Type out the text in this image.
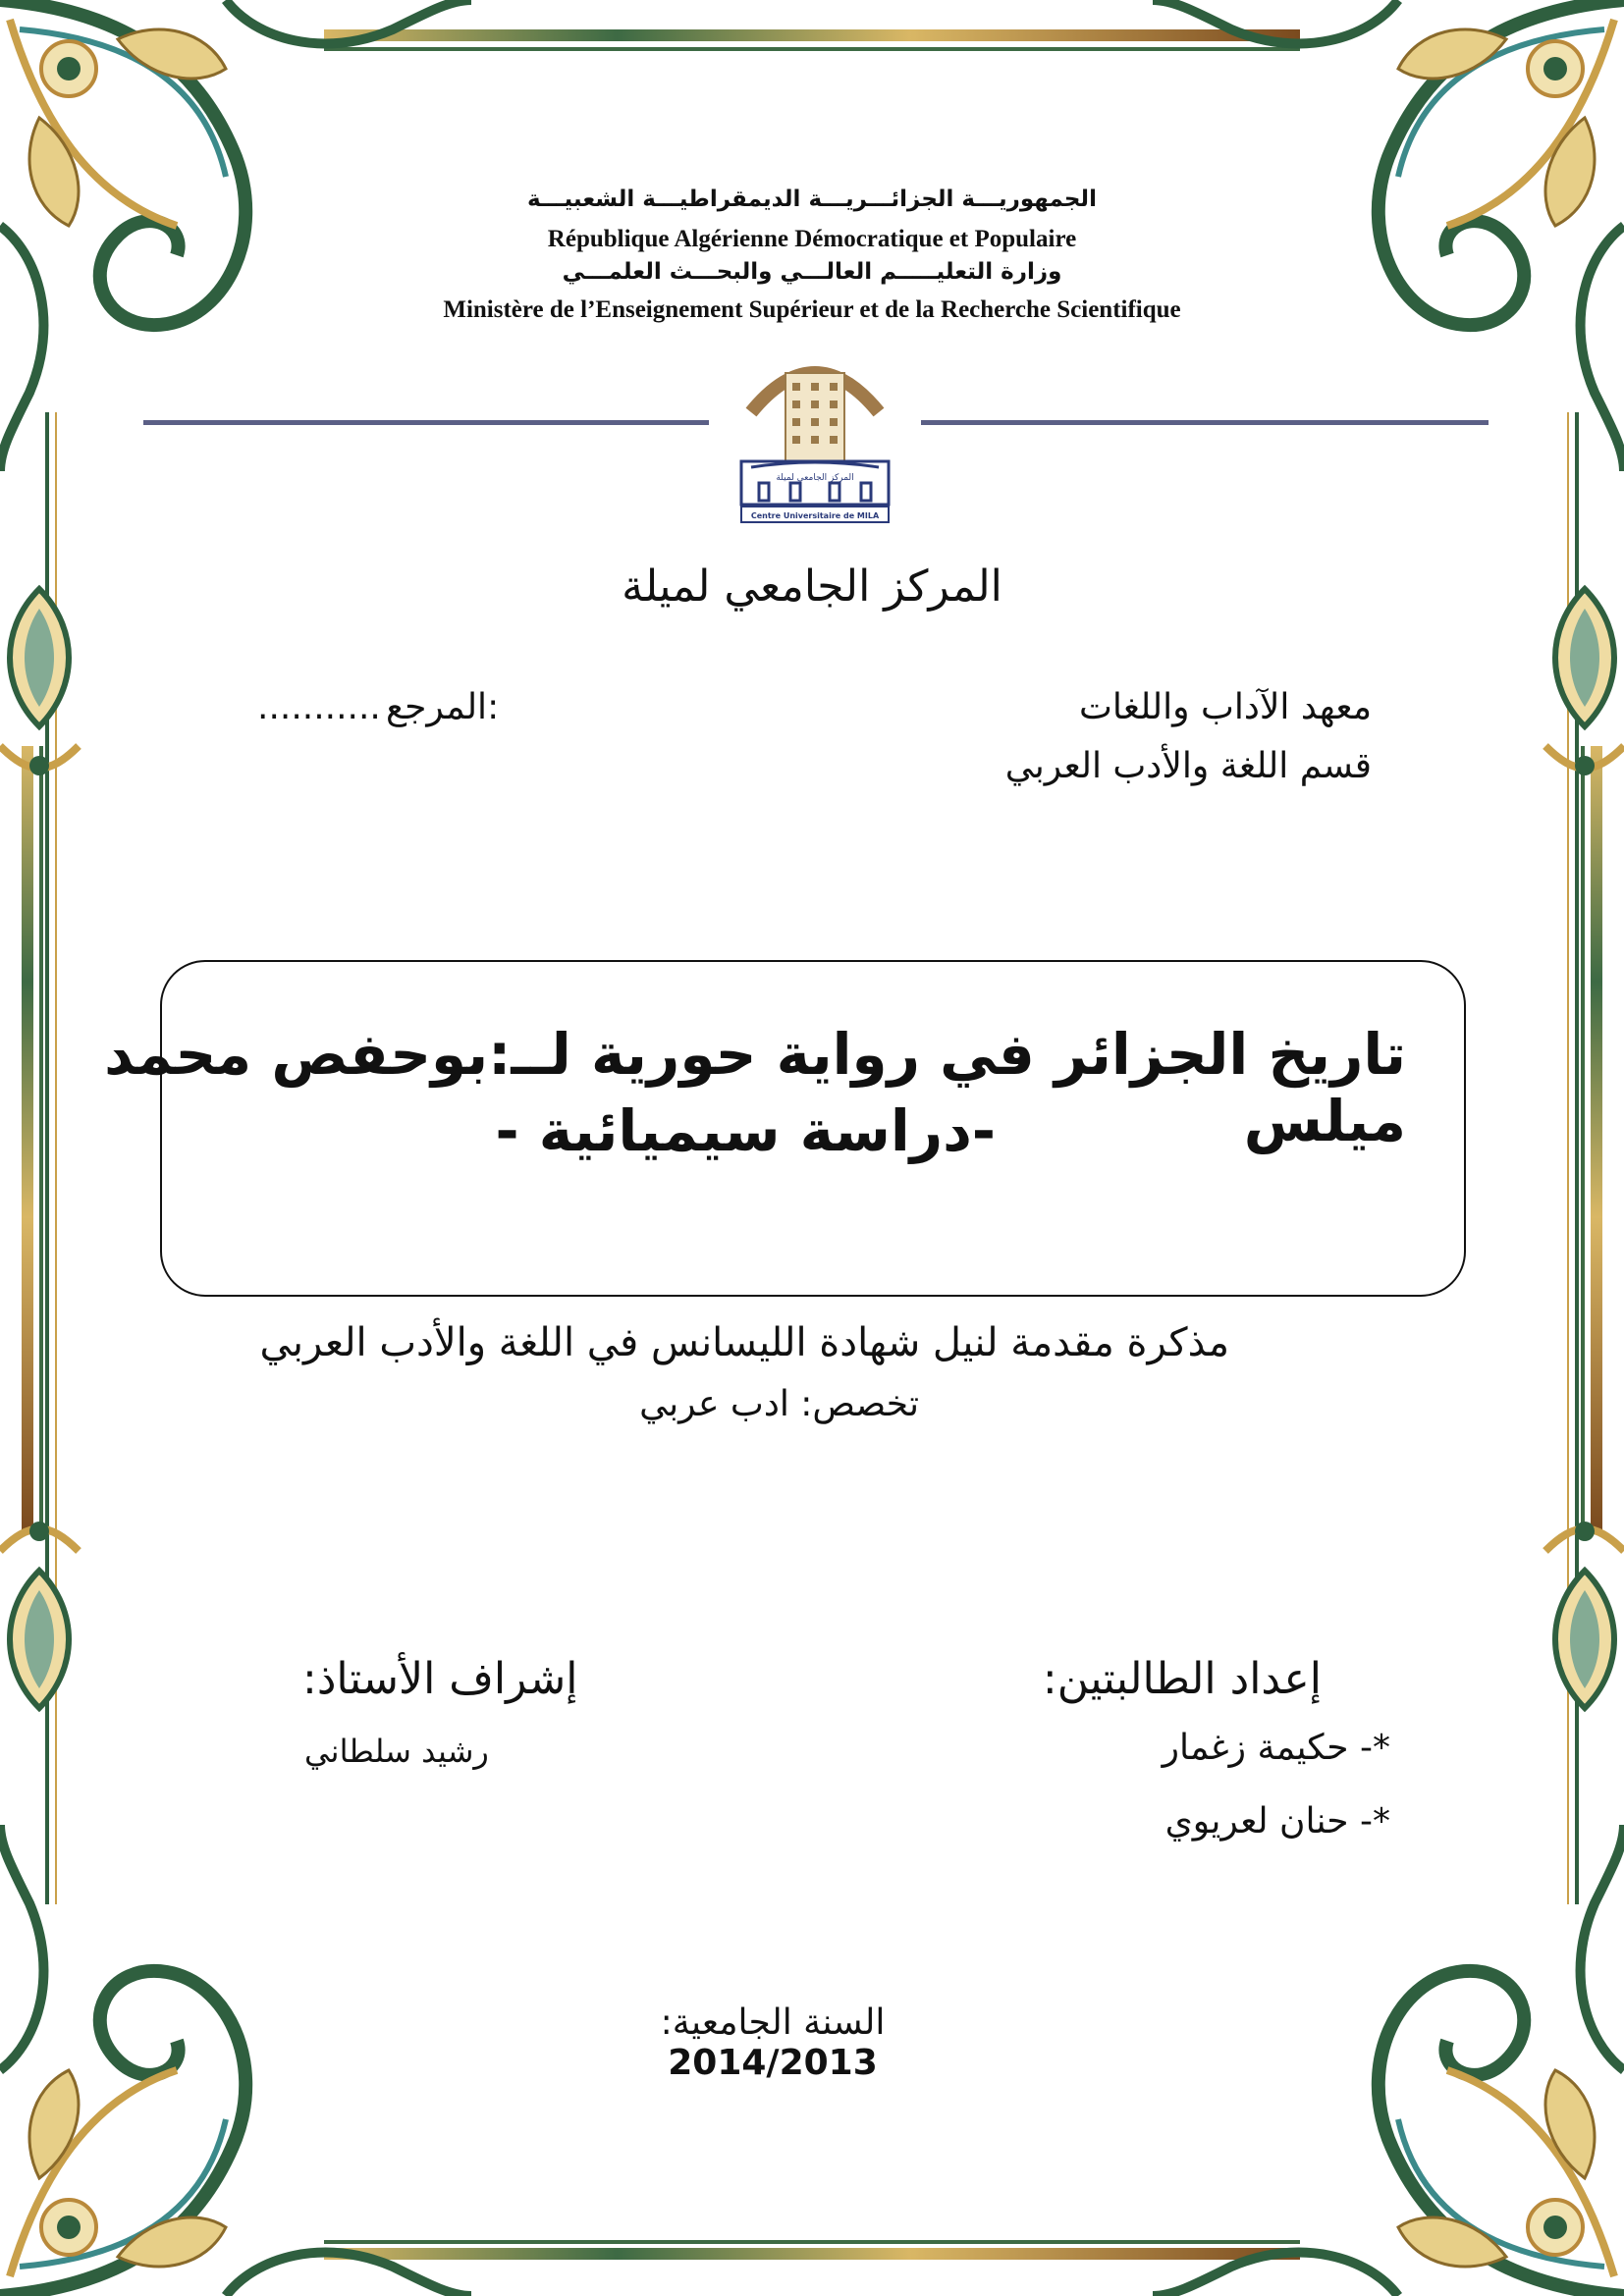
الجمهوريـــة الجزائـــريـــة الديمقراطيـــة الشعبيـــة
République Algérienne Démocratique et Populaire
وزارة التعليـــــم العالـــي والبحـــث العلمـــي
Ministère de l’Enseignement Supérieur et de la Recherche Scientifique
المركز الجامعي لميلة
Centre Universitaire de MILA
المركز الجامعي لميلة
معهد الآداب واللغات
قسم اللغة والأدب العربي
المرجع:
...........
تاريخ الجزائر في رواية حورية لــ:بوحفص محمد ميلس
-دراسة سيميائية -
مذكرة مقدمة لنيل شهادة الليسانس في اللغة والأدب العربي
تخصص: ادب عربي
إعداد الطالبتين:
*- حكيمة زغمار
*- حنان لعريوي
إشراف الأستاذ:
رشيد سلطاني
السنة الجامعية: 2014/2013
